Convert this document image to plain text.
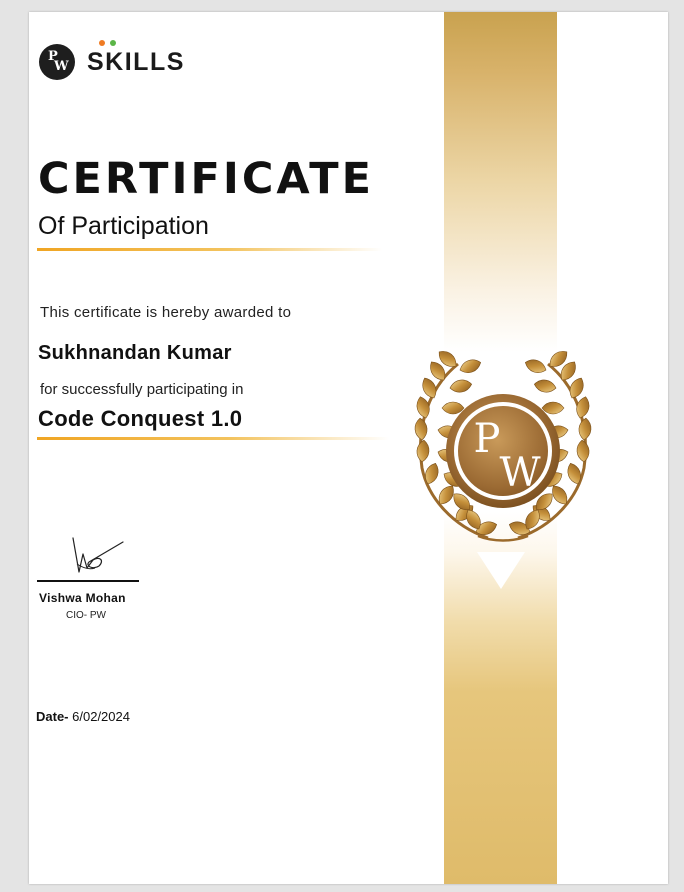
P
W SKILLS
CERTIFICATE
Of Participation
This certificate is hereby awarded to
Sukhnandan Kumar
for successfully participating in
Code Conquest 1.0
Vishwa Mohan
CIO- PW
Date- 6/02/2024
P
W
